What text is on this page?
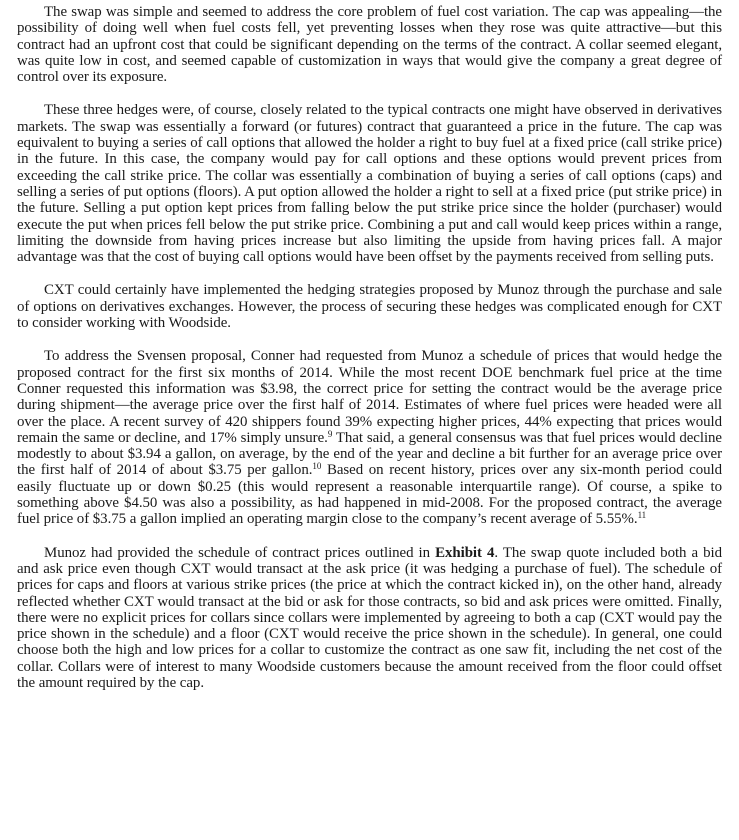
The swap was simple and seemed to address the core problem of fuel cost variation. The cap was appealing—the possibility of doing well when fuel costs fell, yet preventing losses when they rose was quite attractive—but this contract had an upfront cost that could be significant depending on the terms of the contract. A collar seemed elegant, was quite low in cost, and seemed capable of customization in ways that would give the company a great degree of control over its exposure.

These three hedges were, of course, closely related to the typical contracts one might have observed in derivatives markets. The swap was essentially a forward (or futures) contract that guaranteed a price in the future. The cap was equivalent to buying a series of call options that allowed the holder a right to buy fuel at a fixed price (call strike price) in the future. In this case, the company would pay for call options and these options would prevent prices from exceeding the call strike price. The collar was essentially a combination of buying a series of call options (caps) and selling a series of put options (floors). A put option allowed the holder a right to sell at a fixed price (put strike price) in the future. Selling a put option kept prices from falling below the put strike price since the holder (purchaser) would execute the put when prices fell below the put strike price. Combining a put and call would keep prices within a range, limiting the downside from having prices increase but also limiting the upside from having prices fall. A major advantage was that the cost of buying call options would have been offset by the payments received from selling puts.

CXT could certainly have implemented the hedging strategies proposed by Munoz through the purchase and sale of options on derivatives exchanges. However, the process of securing these hedges was complicated enough for CXT to consider working with Woodside.

To address the Svensen proposal, Conner had requested from Munoz a schedule of prices that would hedge the proposed contract for the first six months of 2014. While the most recent DOE benchmark fuel price at the time Conner requested this information was $3.98, the correct price for setting the contract would be the average price during shipment—the average price over the first half of 2014. Estimates of where fuel prices were headed were all over the place. A recent survey of 420 shippers found 39% expecting higher prices, 44% expecting that prices would remain the same or decline, and 17% simply unsure.$^9$ That said, a general consensus was that fuel prices would decline modestly to about $3.94 a gallon, on average, by the end of the year and decline a bit further for an average price over the first half of 2014 of about $3.75 per gallon.$^{10}$ Based on recent history, prices over any six-month period could easily fluctuate up or down $0.25 (this would represent a reasonable interquartile range). Of course, a spike to something above $4.50 was also a possibility, as had happened in mid-2008. For the proposed contract, the average fuel price of $3.75 a gallon implied an operating margin close to the company’s recent average of 5.55%.$^{11}$

Munoz had provided the schedule of contract prices outlined in Exhibit 4. The swap quote included both a bid and ask price even though CXT would transact at the ask price (it was hedging a purchase of fuel). The schedule of prices for caps and floors at various strike prices (the price at which the contract kicked in), on the other hand, already reflected whether CXT would transact at the bid or ask for those contracts, so bid and ask prices were omitted. Finally, there were no explicit prices for collars since collars were implemented by agreeing to both a cap (CXT would pay the price shown in the schedule) and a floor (CXT would receive the price shown in the schedule). In general, one could choose both the high and low prices for a collar to customize the contract as one saw fit, including the net cost of the collar. Collars were of interest to many Woodside customers because the amount received from the floor could offset the amount required by the cap.
